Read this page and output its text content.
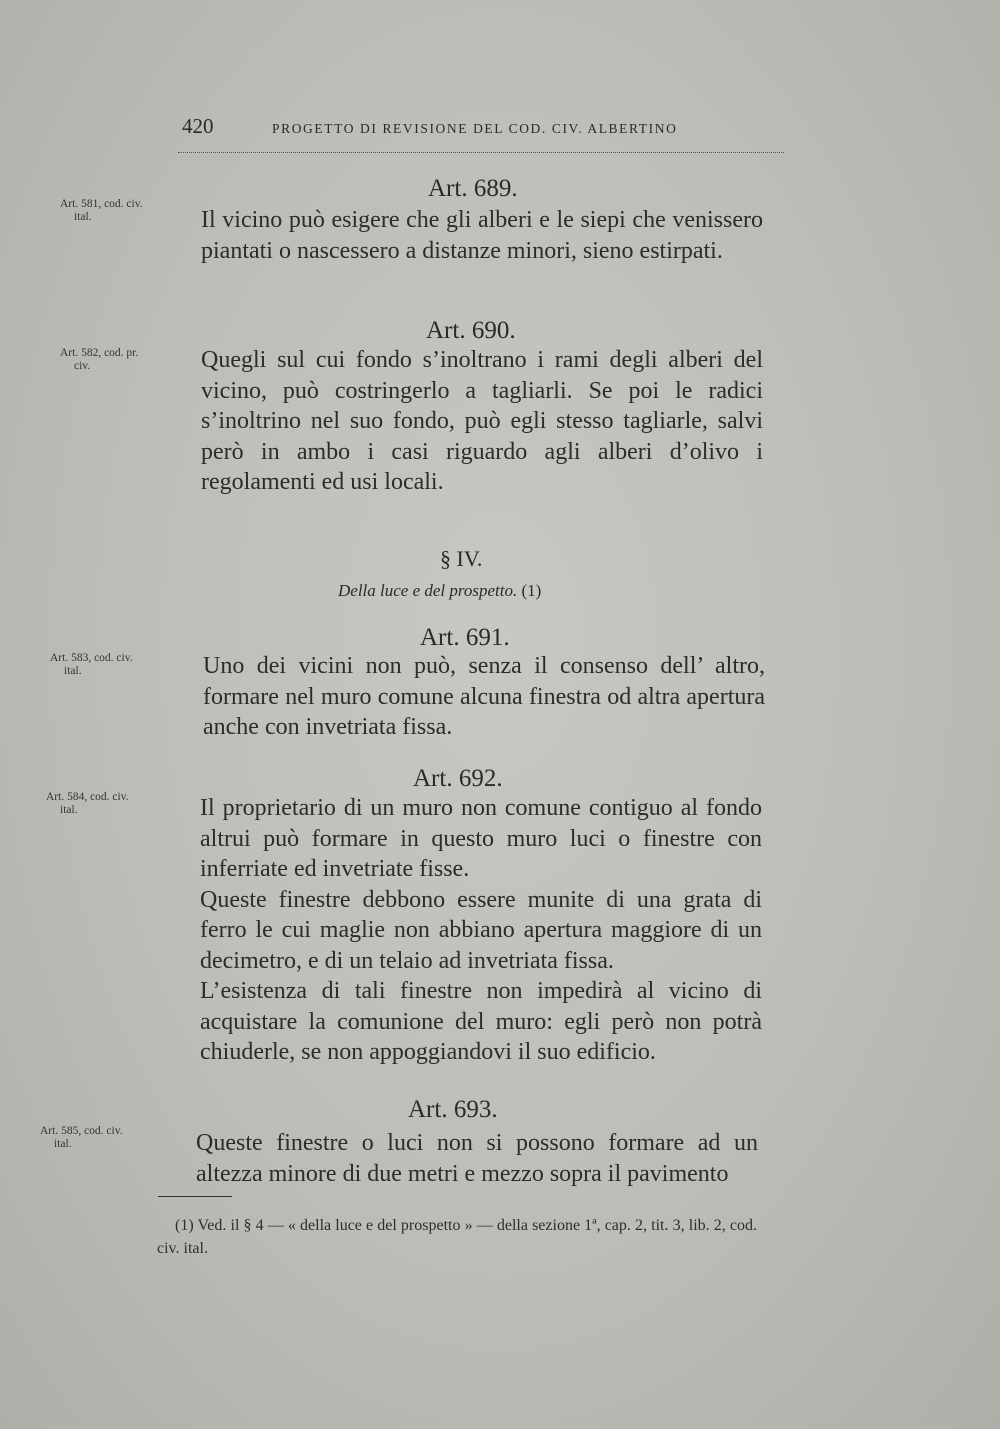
420	PROGETTO DI REVISIONE DEL COD. CIV. ALBERTINO
Art. 689.
Art. 581, cod. civ.
ital.	Il vicino può esigere che gli alberi e le siepi che venissero piantati o nascessero a distanze minori, sieno estirpati.
Art. 690.
Art. 582, cod. pr.
civ.	Quegli sul cui fondo s’inoltrano i rami degli alberi del vicino, può costringerlo a tagliarli. Se poi le radici s’inoltrino nel suo fondo, può egli stesso tagliarle, salvi però in ambo i casi riguardo agli alberi d’olivo i regolamenti ed usi locali.
§ IV.
Della luce e del prospetto. (1)
Art. 691.
Art. 583, cod. civ.
ital.	Uno dei vicini non può, senza il consenso dell’ altro, formare nel muro comune alcuna finestra od altra apertura anche con invetriata fissa.
Art. 692.
Art. 584, cod. civ.
ital.	Il proprietario di un muro non comune contiguo al fondo altrui può formare in questo muro luci o finestre con inferriate ed invetriate fisse.
Queste finestre debbono essere munite di una grata di ferro le cui maglie non abbiano apertura maggiore di un decimetro, e di un telaio ad invetriata fissa.
L’esistenza di tali finestre non impedirà al vicino di acquistare la comunione del muro: egli però non potrà chiuderle, se non appoggiandovi il suo edificio.
Art. 693.
Art. 585, cod. civ.
ital.	Queste finestre o luci non si possono formare ad un altezza minore di due metri e mezzo sopra il pavimento
(1) Ved. il § 4 — « della luce e del prospetto » — della sezione 1ª, cap. 2, tit. 3, lib. 2, cod. civ. ital.
